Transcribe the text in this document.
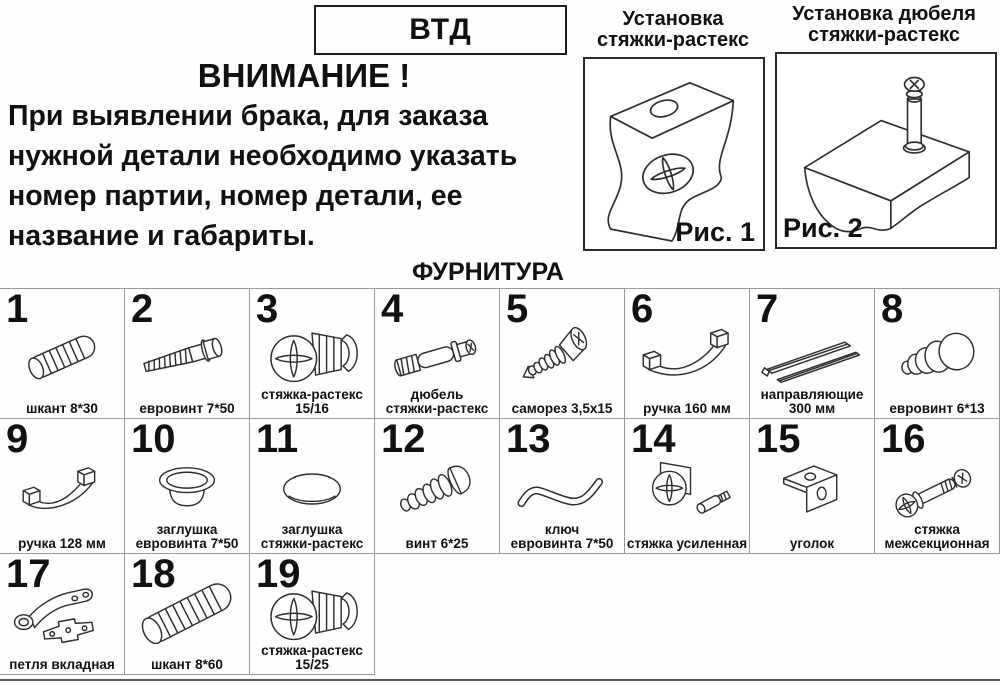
ВТД
ВНИМАНИЕ !
При выявлении брака, для заказа
нужной детали необходимо указать
номер партии, номер детали, ее
название и габариты.
Установка
стяжки-растекс
Рис. 1
Установка дюбеля
стяжки-растекс
Рис. 2
ФУРНИТУРА
1
шкант 8*30
2
евровинт 7*50
3
стяжка-растекс
15/16
4
дюбель
стяжки-растекс
5
саморез 3,5х15
6
ручка 160 мм
7
направляющие
300 мм
8
евровинт 6*13
9
ручка 128 мм
10
заглушка
евровинта 7*50
11
заглушка
стяжки-растекс
12
винт 6*25
13
ключ
евровинта 7*50
14
стяжка усиленная
15
уголок
16
стяжка
межсекционная
17
петля вкладная
18
шкант 8*60
19
стяжка-растекс
15/25
